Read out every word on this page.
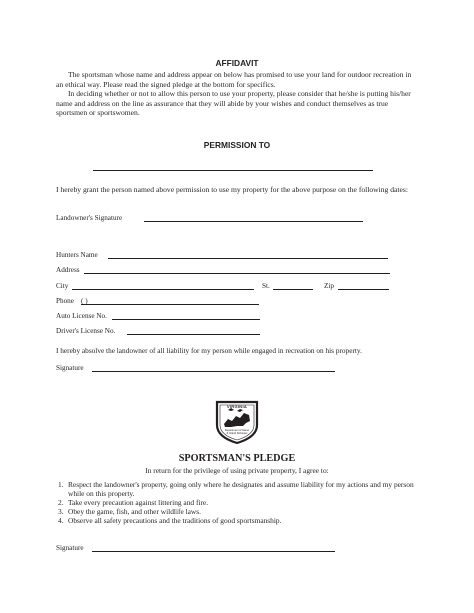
AFFIDAVIT
The sportsman whose name and address appear on below has promised to use your land for outdoor recreation in an ethical way. Please read the signed pledge at the bottom for specifics.
In deciding whether or not to allow this person to use your property, please consider that he/she is putting his/her name and address on the line as assurance that they will abide by your wishes and conduct themselves as true sportsmen or sportswomen.
PERMISSION TO
I hereby grant the person named above permission to use my property for the above purpose on the following dates:
Landowner's Signature
Hunters Name
Address
City	St.	Zip
Phone ( )
Auto License No.
Driver's License No.
I hereby absolve the landowner of all liability for my person while engaged in recreation on his property.
Signature
VIRGINIA
Department of Game
& Inland Fisheries
SPORTSMAN'S PLEDGE
In return for the privilege of using private property, I agree to:
1. Respect the landowner's property, going only where he designates and assume liability for my actions and my person while on this property.
2. Take every precaution against littering and fire.
3. Obey the game, fish, and other wildlife laws.
4. Observe all safety precautions and the traditions of good sportsmanship.
Signature
